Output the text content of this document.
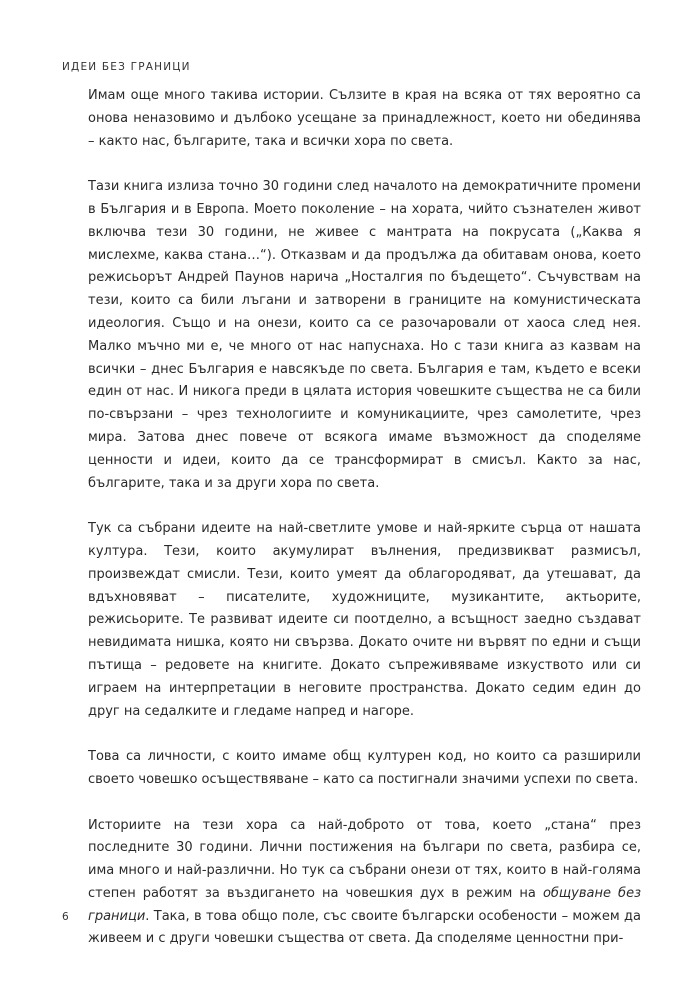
ИДЕИ БЕЗ ГРАНИЦИ

Имам още много такива истории. Сълзите в края на всяка от тях вероятно са онова неназовимо и дълбоко усещане за принадлежност, което ни обединява – както нас, българите, така и всички хора по света.

Тази книга излиза точно 30 години след началото на демократичните промени в България и в Европа. Моето поколение – на хората, чийто съзнателен живот включва тези 30 години, не живее с мантрата на покрусата („Каква я мислехме, каква стана…“). Отказвам и да продължа да обитавам онова, което режисьорът Андрей Паунов нарича „Носталгия по бъдещето“. Съчувствам на тези, които са били лъгани и затворени в границите на комунистическата идеология. Също и на онези, които са се разочаровали от хаоса след нея. Малко мъчно ми е, че много от нас напуснаха. Но с тази книга аз казвам на всички – днес България е навсякъде по света. България е там, където е всеки един от нас. И никога преди в цялата история човешките същества не са били по-свързани – чрез технологиите и комуникациите, чрез самолетите, чрез мира. Затова днес повече от всякога имаме възможност да споделяме ценности и идеи, които да се трансформират в смисъл. Както за нас, българите, така и за други хора по света.

Тук са събрани идеите на най-светлите умове и най-ярките сърца от нашата култура. Тези, които акумулират вълнения, предизвикват размисъл, произвеждат смисли. Тези, които умеят да облагородяват, да утешават, да вдъхновяват – писателите, художниците, музикантите, актьорите, режисьорите. Те развиват идеите си поотделно, а всъщност заедно създават невидимата нишка, която ни свързва. Докато очите ни вървят по едни и същи пътища – редовете на книгите. Докато съпреживяваме изкуството или си играем на интерпретации в неговите пространства. Докато седим един до друг на седалките и гледаме напред и нагоре.

Това са личности, с които имаме общ културен код, но които са разширили своето човешко осъществяване – като са постигнали значими успехи по света.

Историите на тези хора са най-доброто от това, което „стана“ през последните 30 години. Лични постижения на българи по света, разбира се, има много и най-различни. Но тук са събрани онези от тях, които в най-голяма степен работят за въздигането на човешкия дух в режим на общуване без граници. Така, в това общо поле, със своите български особености – можем да живеем и с други човешки същества от света. Да споделяме ценностни при-

6
